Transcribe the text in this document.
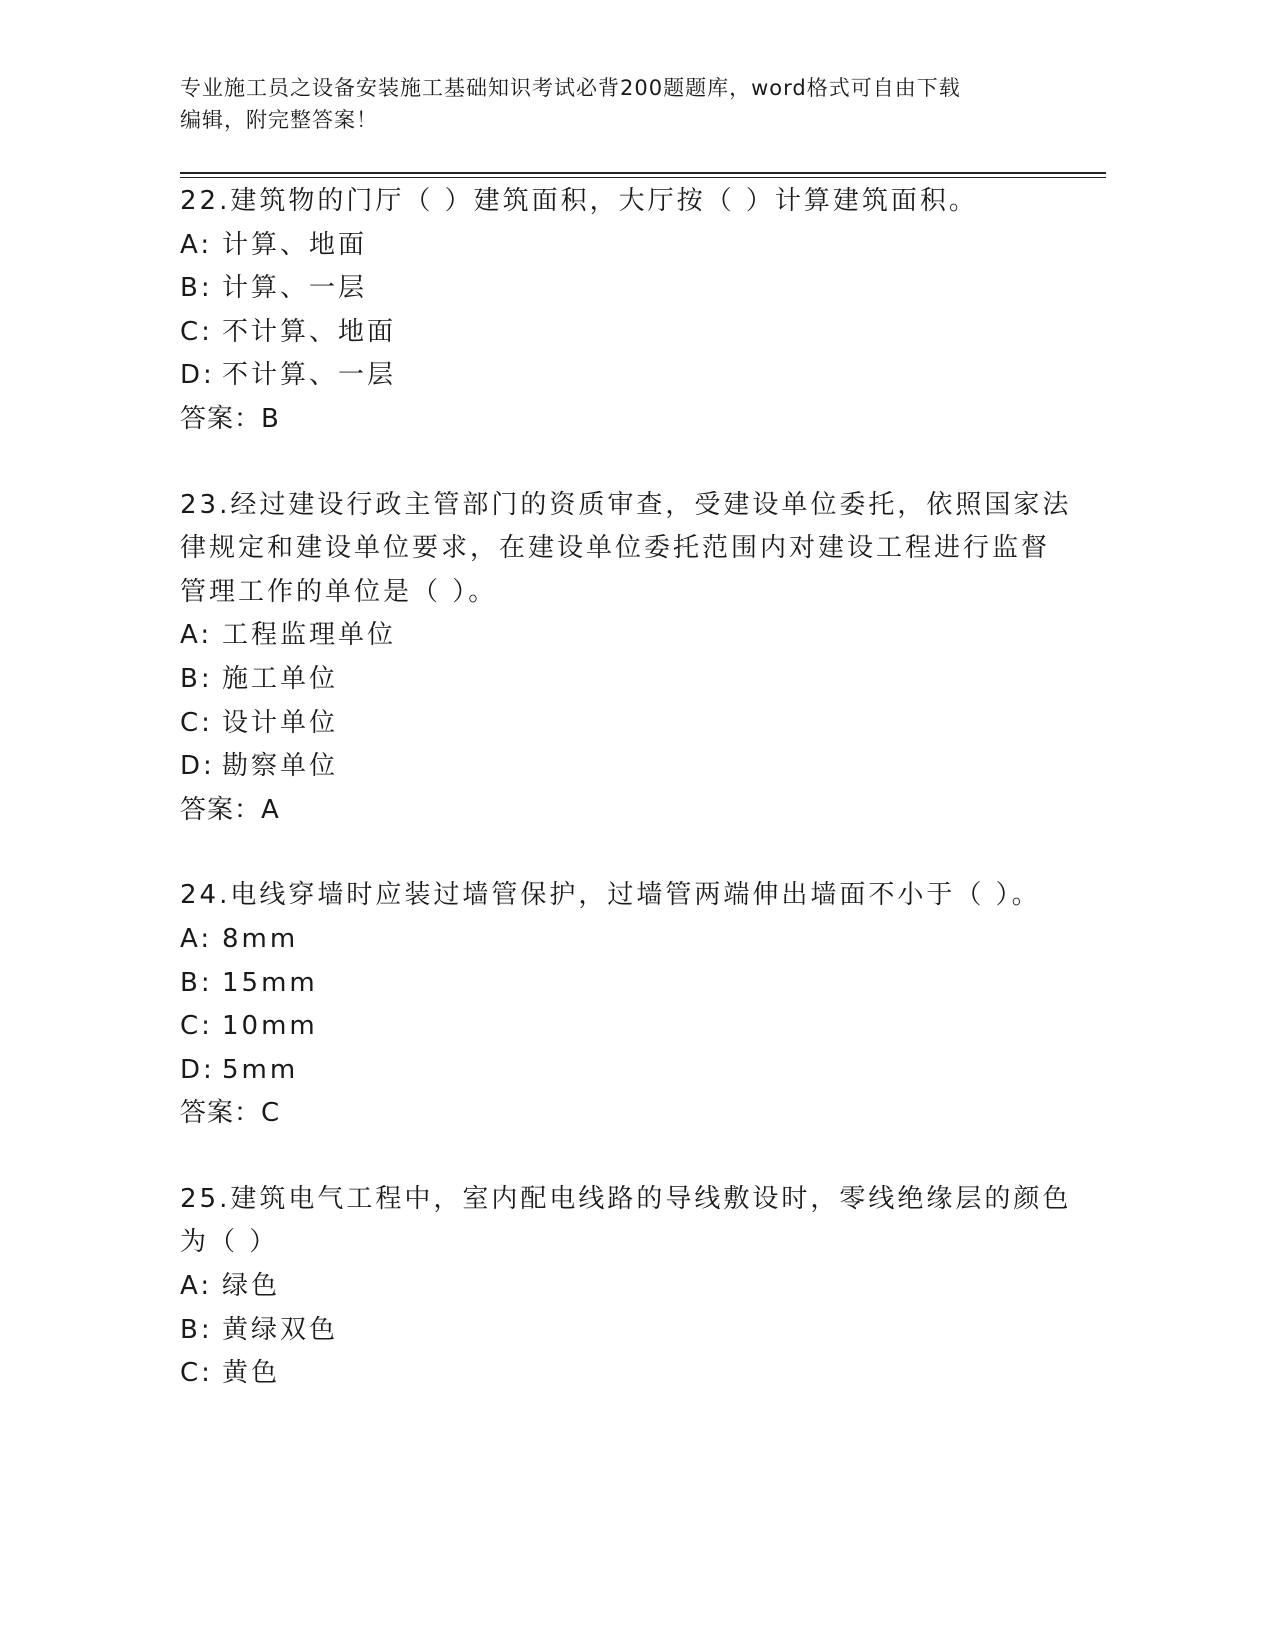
专业施工员之设备安装施工基础知识考试必背200题题库，word格式可自由下载
编辑，附完整答案！
22.建筑物的门厅（ ）建筑面积，大厅按（ ）计算建筑面积。
A: 计算、地面
B: 计算、一层
C: 不计算、地面
D: 不计算、一层
答案：B
23.经过建设行政主管部门的资质审查，受建设单位委托，依照国家法
律规定和建设单位要求，在建设单位委托范围内对建设工程进行监督
管理工作的单位是（ ）。
A: 工程监理单位
B: 施工单位
C: 设计单位
D: 勘察单位
答案：A
24.电线穿墙时应装过墙管保护，过墙管两端伸出墙面不小于（ ）。
A: 8mm
B: 15mm
C: 10mm
D: 5mm
答案：C
25.建筑电气工程中，室内配电线路的导线敷设时，零线绝缘层的颜色
为（ ）
A: 绿色
B: 黄绿双色
C: 黄色
